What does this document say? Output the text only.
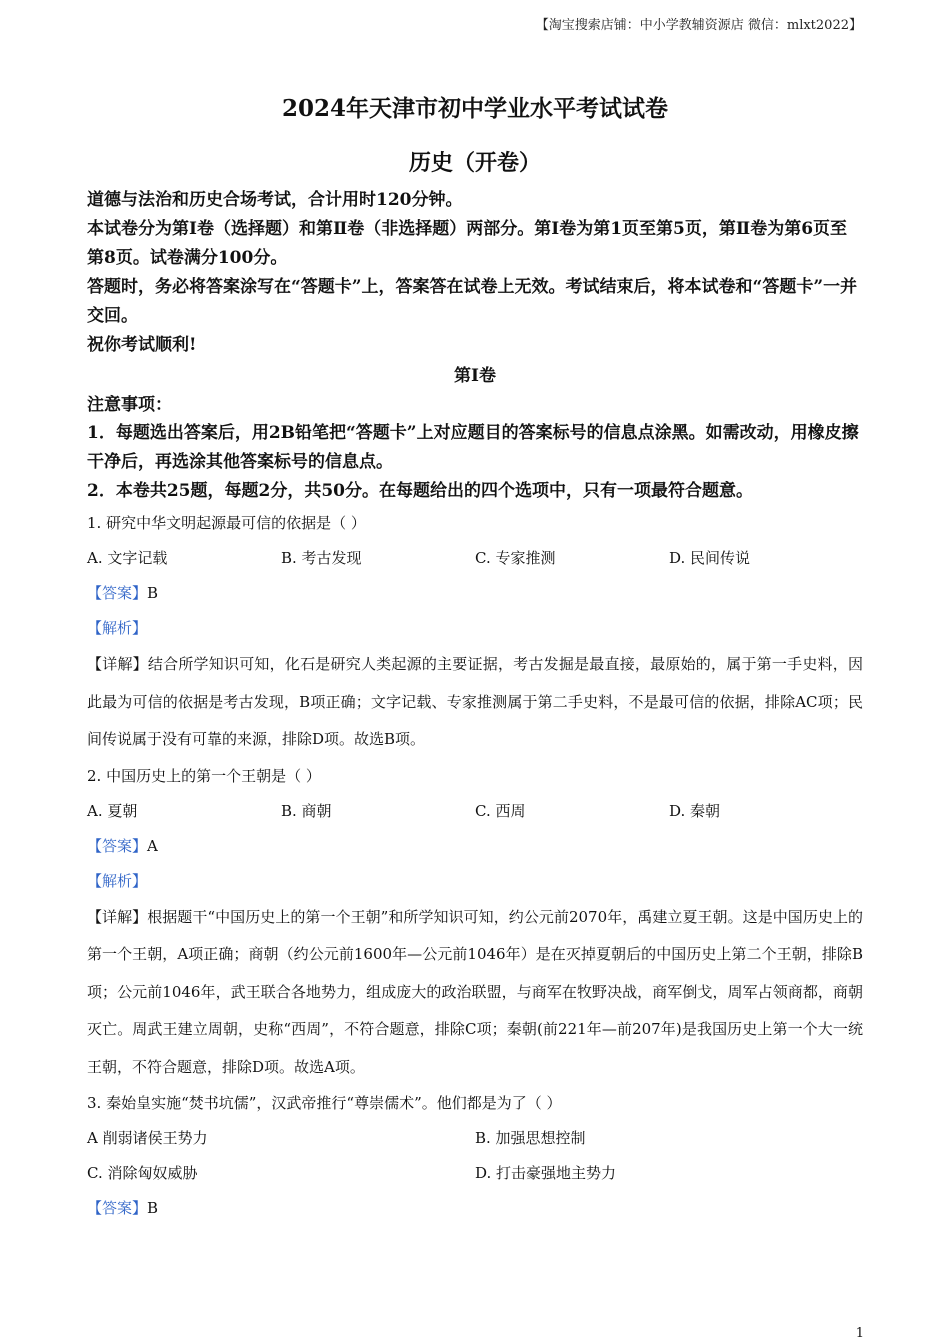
【淘宝搜索店铺：中小学教辅资源店 微信：mlxt2022】
2024年天津市初中学业水平考试试卷
历史（开卷）

道德与法治和历史合场考试，合计用时120分钟。

本试卷分为第Ⅰ卷（选择题）和第Ⅱ卷（非选择题）两部分。第Ⅰ卷为第1页至第5页，第Ⅱ卷为第6页至第8页。试卷满分100分。

答题时，务必将答案涂写在“答题卡”上，答案答在试卷上无效。考试结束后，将本试卷和“答题卡”一并交回。

祝你考试顺利!

第Ⅰ卷
注意事项：

1．每题选出答案后，用2B铅笔把“答题卡”上对应题目的答案标号的信息点涂黑。如需改动，用橡皮擦干净后，再选涂其他答案标号的信息点。

2．本卷共25题，每题2分，共50分。在每题给出的四个选项中，只有一项最符合题意。

1. 研究中华文明起源最可信的依据是（ ）
A. 文字记载	B. 考古发现	C. 专家推测	D. 民间传说
【答案】B
【解析】
【详解】结合所学知识可知，化石是研究人类起源的主要证据，考古发掘是最直接，最原始的，属于第一手史料，因此最为可信的依据是考古发现，B项正确；文字记载、专家推测属于第二手史料，不是最可信的依据，排除AC项；民间传说属于没有可靠的来源，排除D项。故选B项。
2. 中国历史上的第一个王朝是（ ）
A. 夏朝	B. 商朝	C. 西周	D. 秦朝
【答案】A
【解析】
【详解】根据题干“中国历史上的第一个王朝”和所学知识可知，约公元前2070年，禹建立夏王朝。这是中国历史上的第一个王朝，A项正确；商朝（约公元前1600年—公元前1046年）是在灭掉夏朝后的中国历史上第二个王朝，排除B项；公元前1046年，武王联合各地势力，组成庞大的政治联盟，与商军在牧野决战，商军倒戈，周军占领商都，商朝灭亡。周武王建立周朝，史称“西周”，不符合题意，排除C项；秦朝(前221年—前207年)是我国历史上第一个大一统王朝，不符合题意，排除D项。故选A项。
3. 秦始皇实施“焚书坑儒”，汉武帝推行“尊崇儒术”。他们都是为了（ ）
A 削弱诸侯王势力	B. 加强思想控制
C. 消除匈奴威胁	D. 打击豪强地主势力
【答案】B
1
